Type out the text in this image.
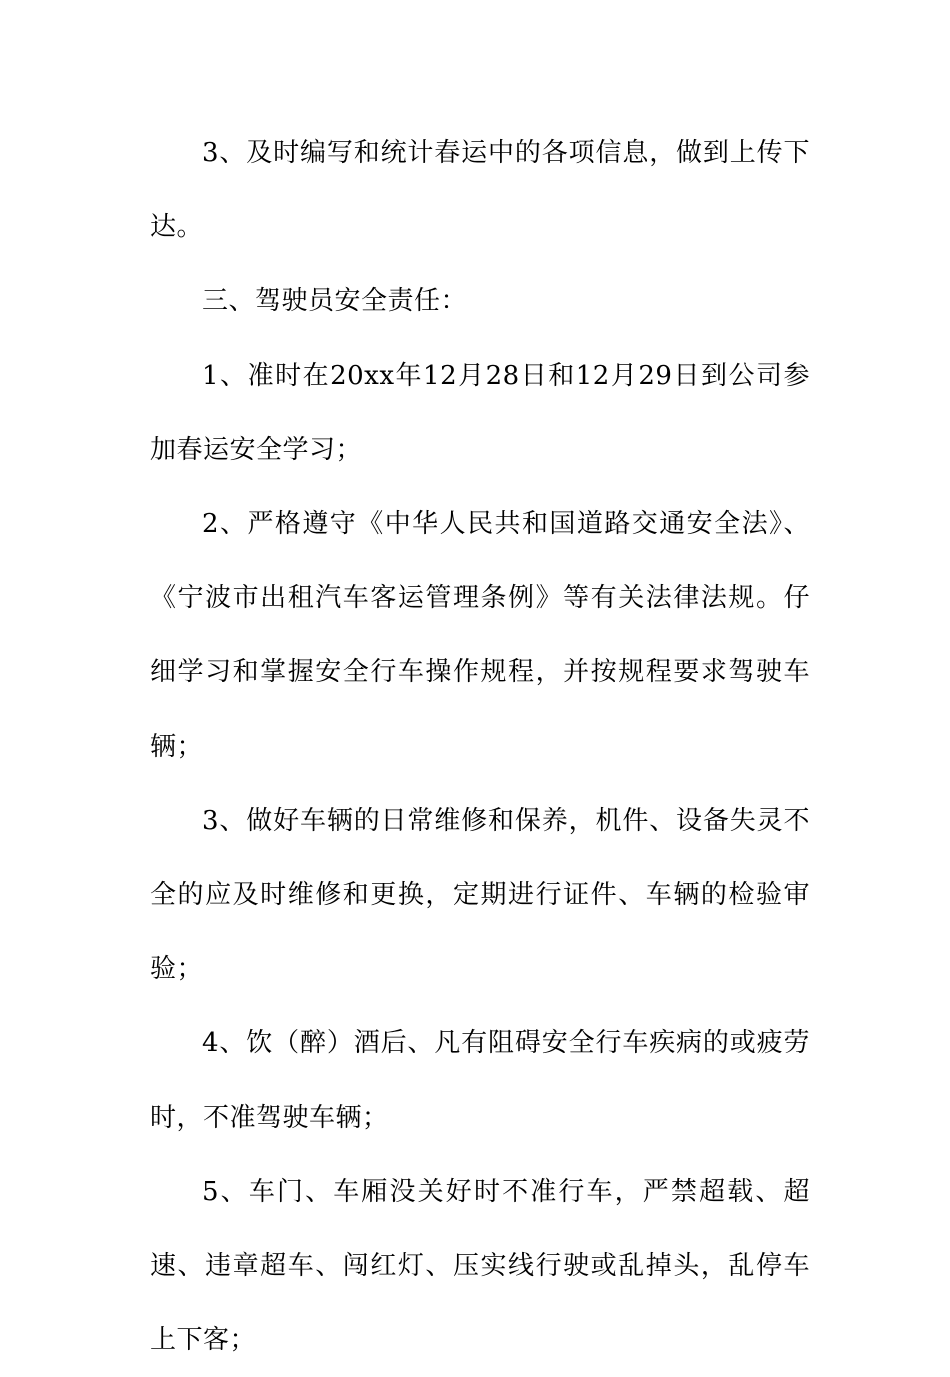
3、及时编写和统计春运中的各项信息，做到上传下达。

三、驾驶员安全责任：

1、准时在20xx年12月28日和12月29日到公司参加春运安全学习；

2、严格遵守《中华人民共和国道路交通安全法》、《宁波市出租汽车客运管理条例》等有关法律法规。仔细学习和掌握安全行车操作规程，并按规程要求驾驶车辆；

3、做好车辆的日常维修和保养，机件、设备失灵不全的应及时维修和更换，定期进行证件、车辆的检验审验；

4、饮（醉）酒后、凡有阻碍安全行车疾病的或疲劳时，不准驾驶车辆；

5、车门、车厢没关好时不准行车，严禁超载、超速、违章超车、闯红灯、压实线行驶或乱掉头，乱停车上下客；
